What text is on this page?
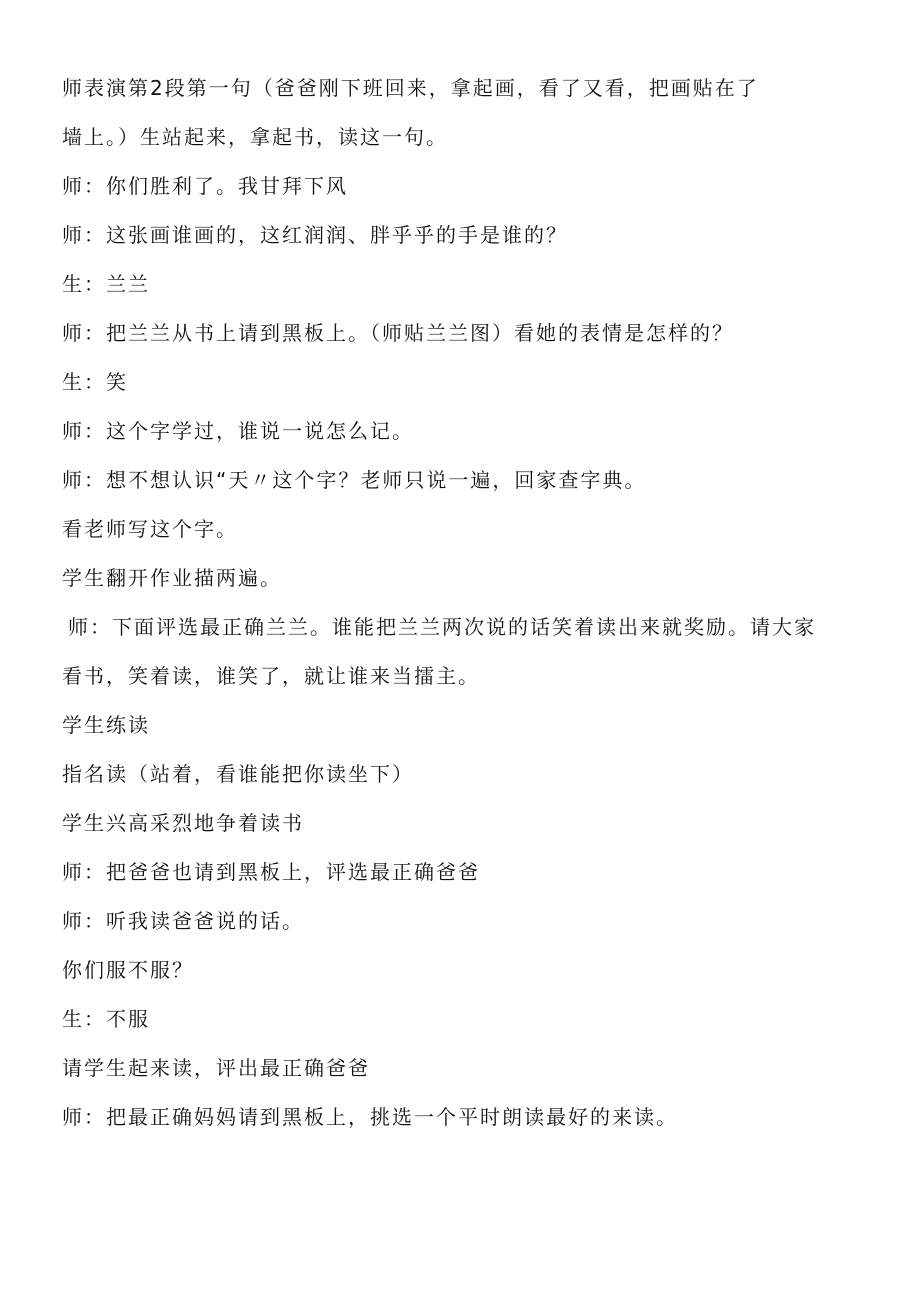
师表演第2段第一句（爸爸刚下班回来，拿起画，看了又看，把画贴在了

墙上。）生站起来，拿起书，读这一句。

师：你们胜利了。我甘拜下风

师：这张画谁画的，这红润润、胖乎乎的手是谁的？

生：兰兰

师：把兰兰从书上请到黑板上。（师贴兰兰图）看她的表情是怎样的？

生：笑

师：这个字学过，谁说一说怎么记。

师：想不想认识“天〃这个字？老师只说一遍，回家查字典。

看老师写这个字。

学生翻开作业描两遍。

师：下面评选最正确兰兰。谁能把兰兰两次说的话笑着读出来就奖励。请大家

看书，笑着读，谁笑了，就让谁来当擂主。

学生练读

指名读（站着，看谁能把你读坐下）

学生兴高采烈地争着读书

师：把爸爸也请到黑板上，评选最正确爸爸

师：听我读爸爸说的话。

你们服不服？

生：不服

请学生起来读，评出最正确爸爸

师：把最正确妈妈请到黑板上，挑选一个平时朗读最好的来读。
